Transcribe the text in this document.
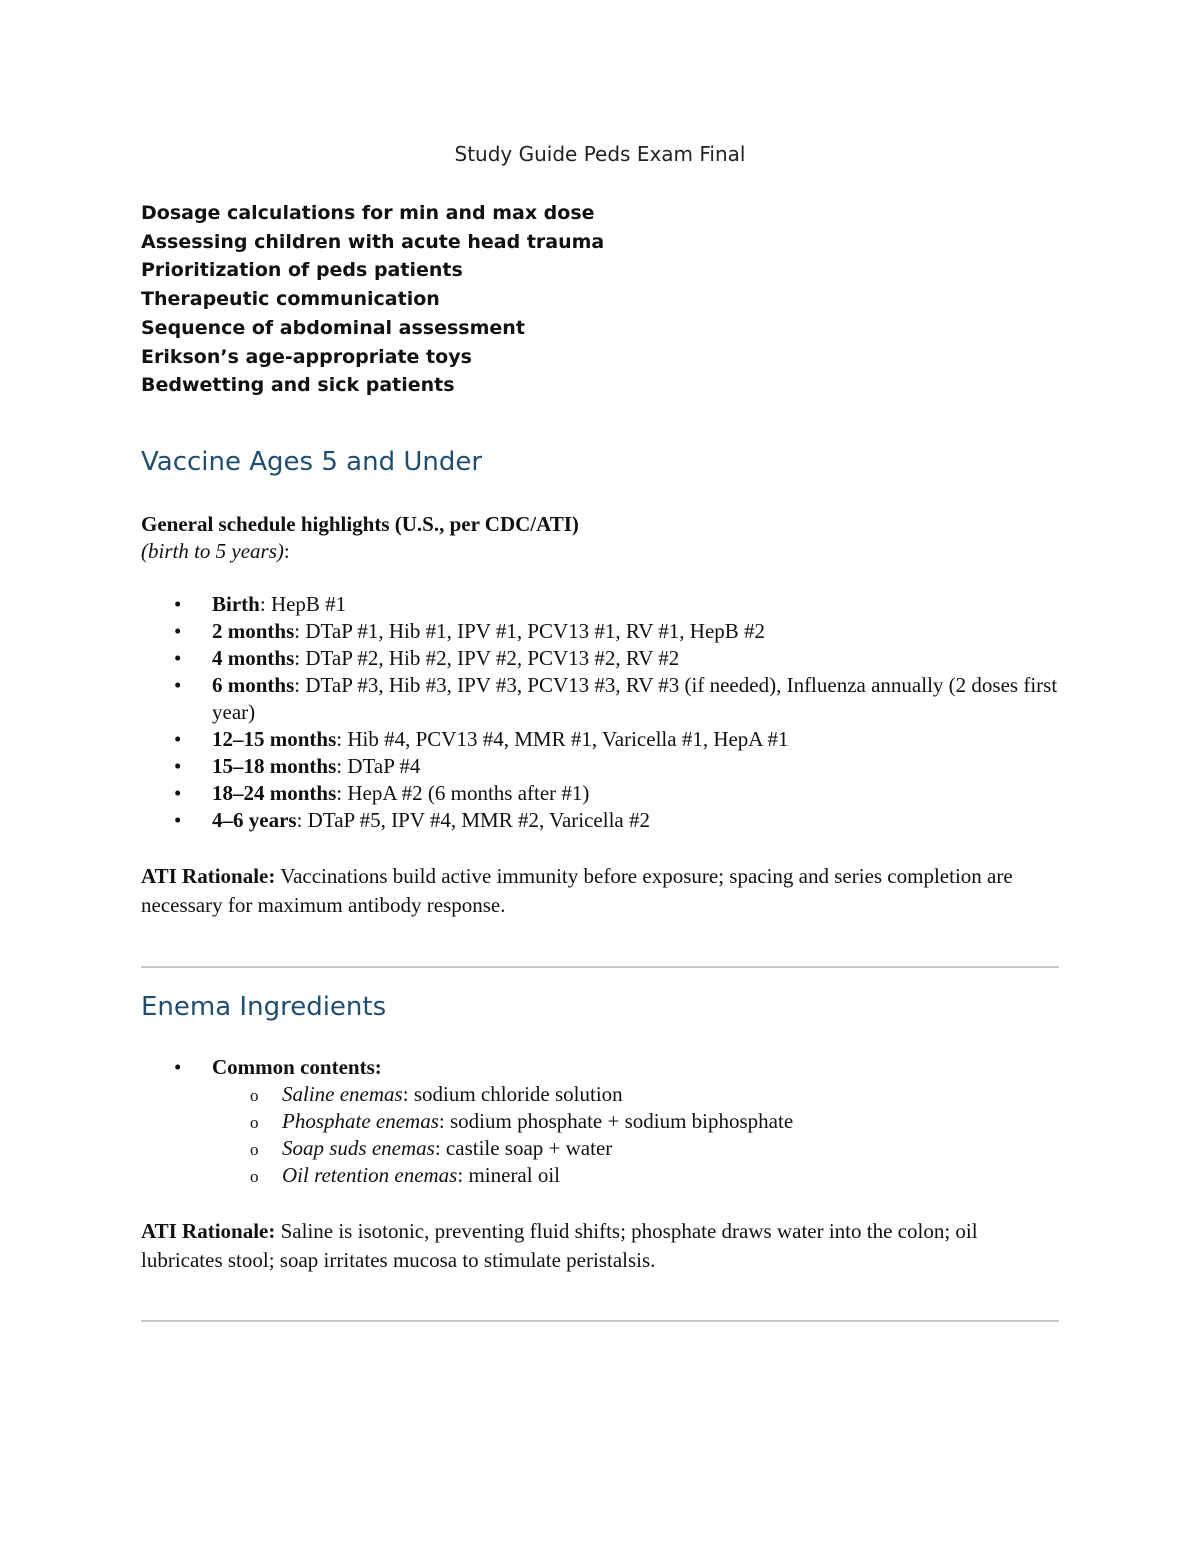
Study Guide Peds Exam Final
Dosage calculations for min and max dose
Assessing children with acute head trauma
Prioritization of peds patients
Therapeutic communication
Sequence of abdominal assessment
Erikson’s age-appropriate toys
Bedwetting and sick patients
Vaccine Ages 5 and Under
General schedule highlights (U.S., per CDC/ATI)
(birth to 5 years):
• Birth: HepB #1
• 2 months: DTaP #1, Hib #1, IPV #1, PCV13 #1, RV #1, HepB #2
• 4 months: DTaP #2, Hib #2, IPV #2, PCV13 #2, RV #2
• 6 months: DTaP #3, Hib #3, IPV #3, PCV13 #3, RV #3 (if needed), Influenza annually (2 doses first year)
• 12–15 months: Hib #4, PCV13 #4, MMR #1, Varicella #1, HepA #1
• 15–18 months: DTaP #4
• 18–24 months: HepA #2 (6 months after #1)
• 4–6 years: DTaP #5, IPV #4, MMR #2, Varicella #2
ATI Rationale: Vaccinations build active immunity before exposure; spacing and series completion are necessary for maximum antibody response.
Enema Ingredients
• Common contents:
o Saline enemas: sodium chloride solution
o Phosphate enemas: sodium phosphate + sodium biphosphate
o Soap suds enemas: castile soap + water
o Oil retention enemas: mineral oil
ATI Rationale: Saline is isotonic, preventing fluid shifts; phosphate draws water into the colon; oil lubricates stool; soap irritates mucosa to stimulate peristalsis.
